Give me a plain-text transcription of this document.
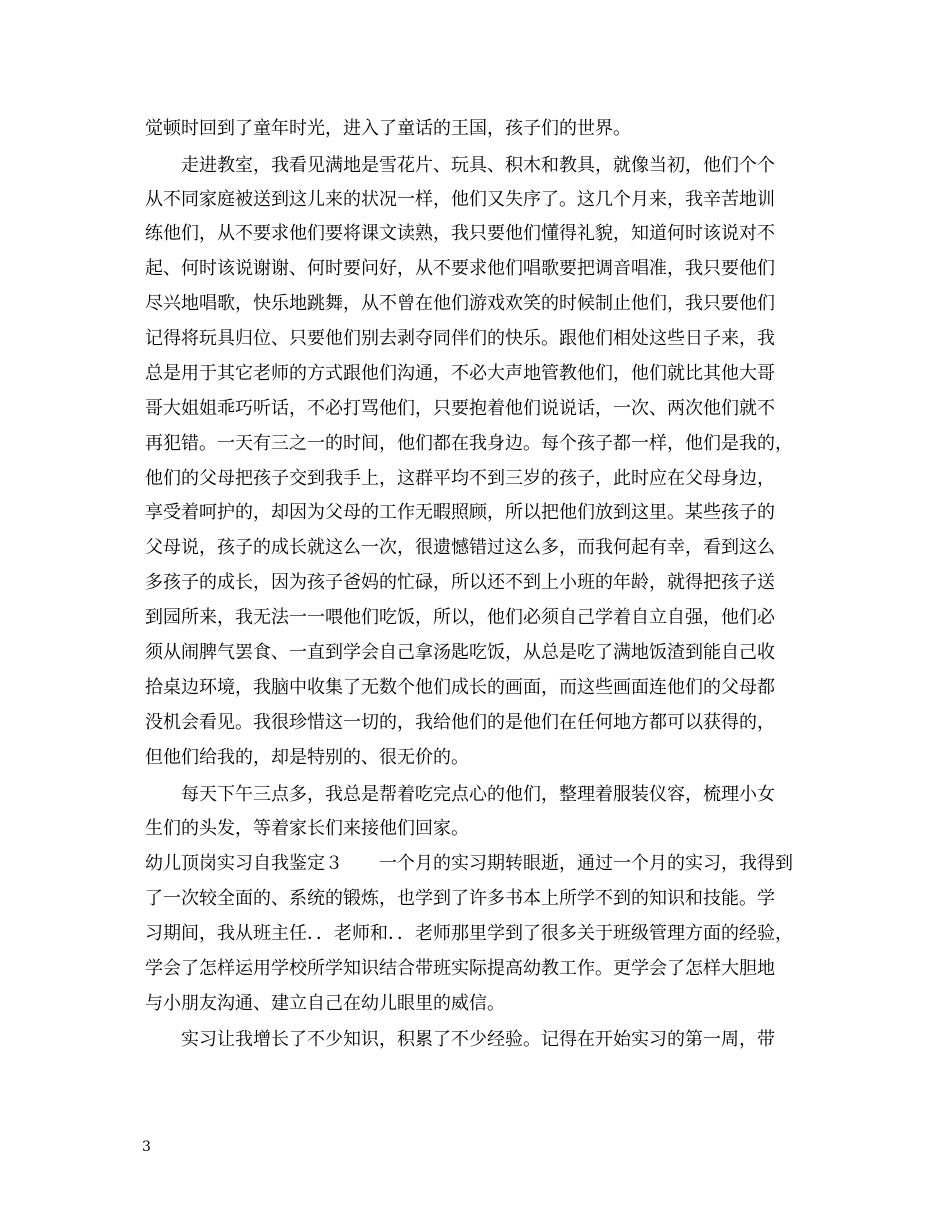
觉顿时回到了童年时光，进入了童话的王国，孩子们的世界。
　　走进教室，我看见满地是雪花片、玩具、积木和教具，就像当初，他们个个
从不同家庭被送到这儿来的状况一样，他们又失序了。这几个月来，我辛苦地训
练他们，从不要求他们要将课文读熟，我只要他们懂得礼貌，知道何时该说对不
起、何时该说谢谢、何时要问好，从不要求他们唱歌要把调音唱准，我只要他们
尽兴地唱歌，快乐地跳舞，从不曾在他们游戏欢笑的时候制止他们，我只要他们
记得将玩具归位、只要他们别去剥夺同伴们的快乐。跟他们相处这些日子来，我
总是用于其它老师的方式跟他们沟通，不必大声地管教他们，他们就比其他大哥
哥大姐姐乖巧听话，不必打骂他们，只要抱着他们说说话，一次、两次他们就不
再犯错。一天有三之一的时间，他们都在我身边。每个孩子都一样，他们是我的，
他们的父母把孩子交到我手上，这群平均不到三岁的孩子，此时应在父母身边，
享受着呵护的，却因为父母的工作无暇照顾，所以把他们放到这里。某些孩子的
父母说，孩子的成长就这么一次，很遗憾错过这么多，而我何起有幸，看到这么
多孩子的成长，因为孩子爸妈的忙碌，所以还不到上小班的年龄，就得把孩子送
到园所来，我无法一一喂他们吃饭，所以，他们必须自己学着自立自强，他们必
须从闹脾气罢食、一直到学会自己拿汤匙吃饭，从总是吃了满地饭渣到能自己收
拾桌边环境，我脑中收集了无数个他们成长的画面，而这些画面连他们的父母都
没机会看见。我很珍惜这一切的，我给他们的是他们在任何地方都可以获得的，
但他们给我的，却是特别的、很无价的。
　　每天下午三点多，我总是帮着吃完点心的他们，整理着服装仪容，梳理小女
生们的头发，等着家长们来接他们回家。
幼儿顶岗实习自我鉴定３　　一个月的实习期转眼逝，通过一个月的实习，我得到
了一次较全面的、系统的锻炼，也学到了许多书本上所学不到的知识和技能。学
习期间，我从班主任．．老师和．．老师那里学到了很多关于班级管理方面的经验，
学会了怎样运用学校所学知识结合带班实际提高幼教工作。更学会了怎样大胆地
与小朋友沟通、建立自己在幼儿眼里的威信。
　　实习让我增长了不少知识，积累了不少经验。记得在开始实习的第一周，带
3
